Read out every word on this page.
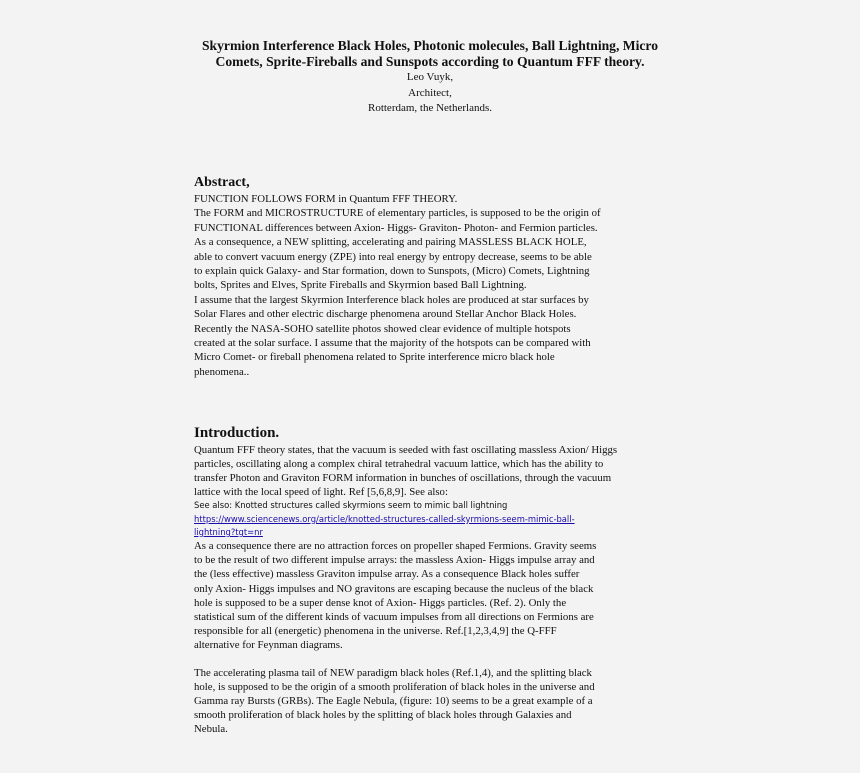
Skyrmion Interference Black Holes, Photonic molecules, Ball Lightning, Micro
Comets, Sprite-Fireballs and Sunspots according to Quantum FFF theory.
Leo Vuyk,
Architect,
Rotterdam, the Netherlands.
Abstract,
FUNCTION FOLLOWS FORM in Quantum FFF THEORY.
The FORM and MICROSTRUCTURE of elementary particles, is supposed to be the origin of
FUNCTIONAL differences between Axion- Higgs- Graviton- Photon- and Fermion particles.
As a consequence, a NEW splitting, accelerating and pairing MASSLESS BLACK HOLE,
able to convert vacuum energy (ZPE) into real energy by entropy decrease, seems to be able
to explain quick Galaxy- and Star formation, down to Sunspots, (Micro) Comets, Lightning
bolts, Sprites and Elves, Sprite Fireballs and Skyrmion based Ball Lightning.
I assume that the largest Skyrmion Interference black holes are produced at star surfaces by
Solar Flares and other electric discharge phenomena around Stellar Anchor Black Holes.
Recently the NASA-SOHO satellite photos showed clear evidence of multiple hotspots
created at the solar surface. I assume that the majority of the hotspots can be compared with
Micro Comet- or fireball phenomena related to Sprite interference micro black hole
phenomena..
Introduction.
Quantum FFF theory states, that the vacuum is seeded with fast oscillating massless Axion/ Higgs
particles, oscillating along a complex chiral tetrahedral vacuum lattice, which has the ability to
transfer Photon and Graviton FORM information in bunches of oscillations, through the vacuum
lattice with the local speed of light. Ref [5,6,8,9]. See also:
See also: Knotted structures called skyrmions seem to mimic ball lightning
https://www.sciencenews.org/article/knotted-structures-called-skyrmions-seem-mimic-ball-
lightning?tgt=nr
As a consequence there are no attraction forces on propeller shaped Fermions. Gravity seems
to be the result of two different impulse arrays: the massless Axion- Higgs impulse array and
the (less effective) massless Graviton impulse array. As a consequence Black holes suffer
only Axion- Higgs impulses and NO gravitons are escaping because the nucleus of the black
hole is supposed to be a super dense knot of Axion- Higgs particles. (Ref. 2). Only the
statistical sum of the different kinds of vacuum impulses from all directions on Fermions are
responsible for all (energetic) phenomena in the universe. Ref.[1,2,3,4,9] the Q-FFF
alternative for Feynman diagrams.
The accelerating plasma tail of NEW paradigm black holes (Ref.1,4), and the splitting black
hole, is supposed to be the origin of a smooth proliferation of black holes in the universe and
Gamma ray Bursts (GRBs). The Eagle Nebula, (figure: 10) seems to be a great example of a
smooth proliferation of black holes by the splitting of black holes through Galaxies and
Nebula.
